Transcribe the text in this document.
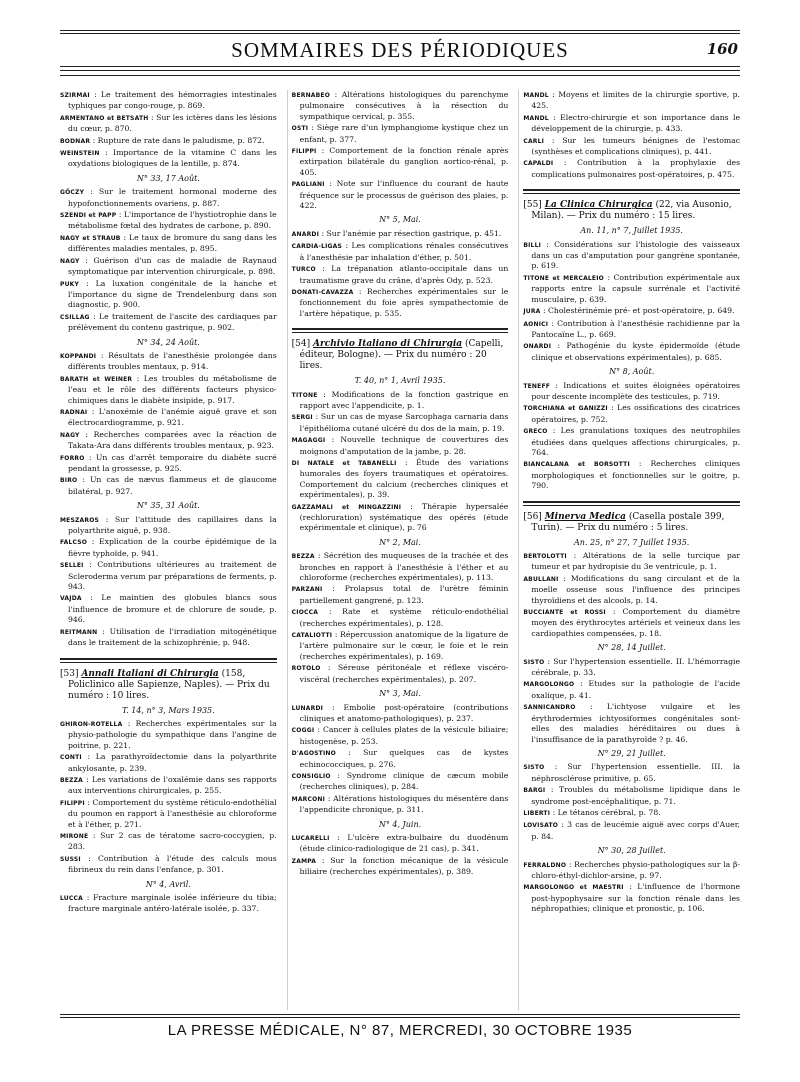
SOMMAIRES DES PÉRIODIQUES	160
SZIRMAI : Le traitement des hémorragies intestinales typhiques par congo-rouge, p. 869.
ARMENTANO et BETSATH : Sur les ictères dans les lésions du cœur, p. 870.
BODNAR : Rupture de rate dans le paludisme, p. 872.
WEINSTEIN : Importance de la vitamine C dans les oxydations biologiques de la lentille, p. 874.
N° 33, 17 Août.
GÖCZY : Sur le traitement hormonal moderne des hypofonctionnements ovariens, p. 887.
SZENDI et PAPP : L'importance de l'hystiotrophie dans le métabolisme fœtal des hydrates de carbone, p. 890.
NAGY et STRAUB : Le taux de bromure du sang dans les différentes maladies mentales, p. 895.
NAGY : Guérison d'un cas de maladie de Raynaud symptomatique par intervention chirurgicale, p. 898.
PUKY : La luxation congénitale de la hanche et l'importance du signe de Trendelenburg dans son diagnostic, p. 900.
CSILLAG : Le traitement de l'ascite des cardiaques par prélèvement du contenu gastrique, p. 902.
N° 34, 24 Août.
KOPPANDI : Résultats de l'anesthésie prolongée dans différents troubles mentaux, p. 914.
BARATH et WEINER : Les troubles du métabolisme de l'eau et le rôle des différents facteurs physico-chimiques dans le diabète insipide, p. 917.
RADNAI : L'anoxémie de l'anémie aiguë grave et son électrocardiogramme, p. 921.
NAGY : Recherches comparées avec la réaction de Takata-Ara dans différents troubles mentaux, p. 923.
FORRO : Un cas d'arrêt temporaire du diabète sucré pendant la grossesse, p. 925.
BIRO : Un cas de nævus flammeus et de glaucome bilatéral, p. 927.
N° 35, 31 Août.
MESZAROS : Sur l'attitude des capillaires dans la polyarthrite aiguë, p. 938.
FALCSO : Explication de la courbe épidémique de la fièvre typhoïde, p. 941.
SELLEI : Contributions ultérieures au traitement de Scleroderma verum par préparations de ferments, p. 943.
VAJDA : Le maintien des globules blancs sous l'influence de bromure et de chlorure de soude, p. 946.
REITMANN : Utilisation de l'irradiation mitogénétique dans le traitement de la schizophrénie, p. 948.
[53] Annali Italiani di Chirurgia (158, Policlinico alle Sapienze, Naples). — Prix du numéro : 10 lires.
T. 14, n° 3, Mars 1935.
GHIRON-ROTELLA : Recherches expérimentales sur la physio-pathologie du sympathique dans l'angine de poitrine, p. 221.
CONTI : La parathyroïdectomie dans la polyarthrite ankylosante, p. 239.
BEZZA : Les variations de l'oxalémie dans ses rapports aux interventions chirurgicales, p. 255.
FILIPPI : Comportement du système réticulo-endothélial du poumon en rapport à l'anesthésie au chloroforme et à l'éther, p. 271.
MIRONE : Sur 2 cas de tératome sacro-coccygien, p. 283.
SUSSI : Contribution à l'étude des calculs mous fibrineux du rein dans l'enfance, p. 301.
N° 4, Avril.
LUCCA : Fracture marginale isolée inférieure du tibia; fracture marginale antéro-latérale isolée, p. 337.
BERNABEO : Altérations histologiques du parenchyme pulmonaire consécutives à la résection du sympathique cervical, p. 355.
OSTI : Siège rare d'un lymphangiome kystique chez un enfant, p. 377.
FILIPPI : Comportement de la fonction rénale après extirpation bilatérale du ganglion aortico-rénal, p. 405.
PAGLIANI : Note sur l'influence du courant de haute fréquence sur le processus de guérison des plaies, p. 422.
N° 5, Mai.
ANARDI : Sur l'anémie par résection gastrique, p. 451.
CARDIA-LIGAS : Les complications rénales consécutives à l'anesthésie par inhalation d'éther, p. 501.
TURCO : La trépanation atlanto-occipitale dans un traumatisme grave du crâne, d'après Ody, p. 523.
DONATI-CAVAZZA : Recherches expérimentales sur le fonctionnement du foie après sympathectomie de l'artère hépatique, p. 535.
[54] Archivio Italiano di Chirurgia (Capelli, éditeur, Bologne). — Prix du numéro : 20 lires.
T. 40, n° 1, Avril 1935.
TITONE : Modifications de la fonction gastrique en rapport avec l'appendicite, p. 1.
SERGI : Sur un cas de myase Sarcophaga carnaria dans l'épithélioma cutané ulcéré du dos de la main, p. 19.
MAGAGGI : Nouvelle technique de couvertures des moignons d'amputation de la jambe, p. 28.
DI NATALE et TABANELLI : Étude des variations humorales des foyers traumatiques et opératoires. Comportement du calcium (recherches cliniques et expérimentales), p. 39.
GAZZAMALI et MINGAZZINI : Thérapie hypersalée (rechloruration) systématique des opérés (étude expérimentale et clinique), p. 76
N° 2, Mai.
BEZZA : Sécrétion des muqueuses de la trachée et des bronches en rapport à l'anesthésie à l'éther et au chloroforme (recherches expérimentales), p. 113.
PARZANI : Prolapsus total de l'urètre féminin partiellement gangrené, p. 123.
CIOCCA : Rate et système réticulo-endothélial (recherches expérimentales), p. 128.
CATALIOTTI : Répercussion anatomique de la ligature de l'artère pulmonaire sur le cœur, le foie et le rein (recherches expérimentales), p. 169.
ROTOLO : Séreuse péritonéale et réflexe viscéro-viscéral (recherches expérimentales), p. 207.
N° 3, Mai.
LUNARDI : Embolie post-opératoire (contributions cliniques et anatomo-pathologiques), p. 237.
COGGI : Cancer à cellules plates de la vésicule biliaire; histogenèse, p. 253.
D'AGOSTINO : Sur quelques cas de kystes echinococciques, p. 276.
CONSIGLIO : Syndrome clinique de cæcum mobile (recherches cliniques), p. 284.
MARCONI : Altérations histologiques du mésentère dans l'appendicite chronique, p. 311.
N° 4, Juin.
LUCARELLI : L'ulcère extra-bulbaire du duodénum (étude clinico-radiologique de 21 cas), p. 341.
ZAMPA : Sur la fonction mécanique de la vésicule biliaire (recherches expérimentales), p. 389.
MANDL : Moyens et limites de la chirurgie sportive, p. 425.
MANDL : Electro-chirurgie et son importance dans le développement de la chirurgie, p. 433.
CARLI : Sur les tumeurs bénignes de l'estomac (synthèses et complications cliniques), p. 441.
CAPALDI : Contribution à la prophylaxie des complications pulmonaires post-opératoires, p. 475.
[55] La Clinica Chirurgica (22, via Ausonio, Milan). — Prix du numéro : 15 lires.
An. 11, n° 7, Juillet 1935.
BILLI : Considérations sur l'histologie des vaisseaux dans un cas d'amputation pour gangrène spontanée, p. 619.
TITONE et MERCALEIO : Contribution expérimentale aux rapports entre la capsule surrénale et l'activité musculaire, p. 639.
JURA : Cholestérinémie pré- et post-opératoire, p. 649.
AONICI : Contribution à l'anesthésie rachidienne par la Pantocaïne L., p. 669.
ONARDI : Pathogénie du kyste épidermoïde (étude clinique et observations expérimentales), p. 685.
N° 8, Août.
TENEFF : Indications et suites éloignées opératoires pour descente incomplète des testicules, p. 719.
TORCHIANA et GANIZZI : Les ossifications des cicatrices opératoires, p. 752.
GRECO : Les granulations toxiques des neutrophiles étudiées dans quelques affections chirurgicales, p. 764.
BIANCALANA et BORSOTTI : Recherches cliniques morphologiques et fonctionnelles sur le goitre, p. 790.
[56] Minerva Medica (Casella postale 399, Turin). — Prix du numéro : 5 lires.
An. 25, n° 27, 7 Juillet 1935.
BERTOLOTTI : Altérations de la selle turcique par tumeur et par hydropisie du 3e ventricule, p. 1.
ABULLANI : Modifications du sang circulant et de la moelle osseuse sous l'influence des principes thyroïdiens et des alcools, p. 14.
BUCCIANTE et ROSSI : Comportement du diamètre moyen des érythrocytes artériels et veineux dans les cardiopathies compensées, p. 18.
N° 28, 14 Juillet.
SISTO : Sur l'hypertension essentielle. II. L'hémorragie cérébrale, p. 33.
MARGOLONGO : Etudes sur la pathologie de l'acide oxalique, p. 41.
SANNICANDRO : L'ichtyose vulgaire et les érythrodermies ichtyosiformes congénitales sont-elles des maladies héréditaires ou dues à l'insuffisance de la parathyroïde ? p. 46.
N° 29, 21 Juillet.
SISTO : Sur l'hypertension essentielle. III. la néphrosclérose primitive, p. 65.
BARGI : Troubles du métabolisme lipidique dans le syndrome post-encéphalitique, p. 71.
LIBERTI : Le tétanos cérébral, p. 78.
LOVISATO : 3 cas de leucémie aiguë avec corps d'Auer, p. 84.
N° 30, 28 Juillet.
FERRALDNO : Recherches physio-pathologiques sur la β-chloro-éthyl-dichlor-arsine, p. 97.
MARGOLONGO et MAESTRI : L'influence de l'hormone post-hypophysaire sur la fonction rénale dans les néphropathies; clinique et pronostic, p. 106.
LA PRESSE MÉDICALE, N° 87, MERCREDI, 30 OCTOBRE 1935
